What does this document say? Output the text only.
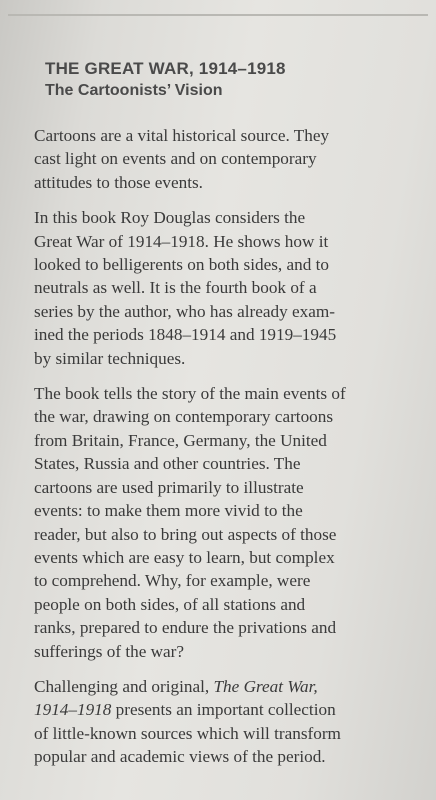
THE GREAT WAR, 1914–1918
The Cartoonists’ Vision

Cartoons are a vital historical source. They
cast light on events and on contemporary
attitudes to those events.

In this book Roy Douglas considers the
Great War of 1914–1918. He shows how it
looked to belligerents on both sides, and to
neutrals as well. It is the fourth book of a
series by the author, who has already exam-
ined the periods 1848–1914 and 1919–1945
by similar techniques.

The book tells the story of the main events of
the war, drawing on contemporary cartoons
from Britain, France, Germany, the United
States, Russia and other countries. The
cartoons are used primarily to illustrate
events: to make them more vivid to the
reader, but also to bring out aspects of those
events which are easy to learn, but complex
to comprehend. Why, for example, were
people on both sides, of all stations and
ranks, prepared to endure the privations and
sufferings of the war?

Challenging and original, The Great War,
1914–1918 presents an important collection
of little-known sources which will transform
popular and academic views of the period.
